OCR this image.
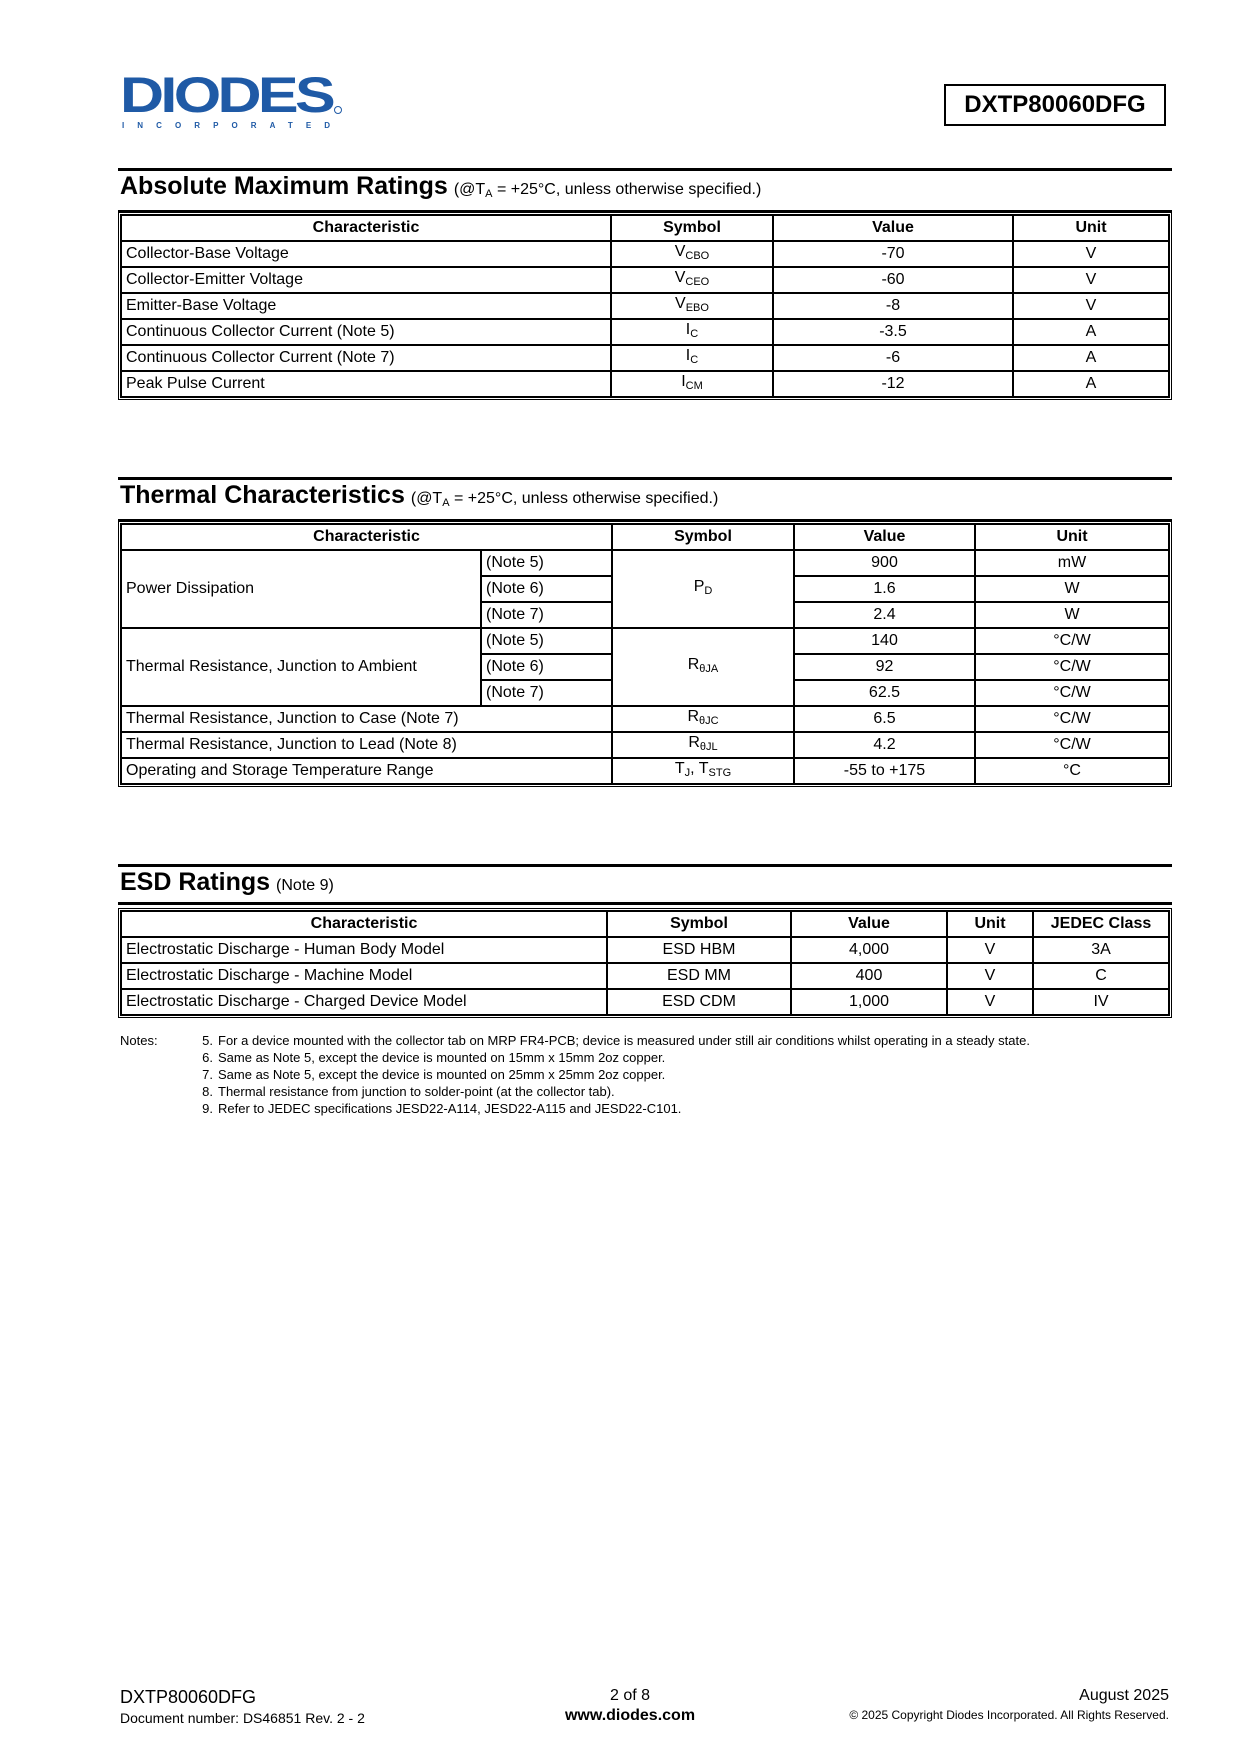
DIODES
INCORPORATED
DXTP80060DFG
Absolute Maximum Ratings ($@T_A = +25^\circ C$, unless otherwise specified.)
Characteristic	Symbol	Value	Unit
Collector-Base Voltage	$V_{CBO}$	-70	V
Collector-Emitter Voltage	$V_{CEO}$	-60	V
Emitter-Base Voltage	$V_{EBO}$	-8	V
Continuous Collector Current (Note 5)	$I_C$	-3.5	A
Continuous Collector Current (Note 7)	$I_C$	-6	A
Peak Pulse Current	$I_{CM}$	-12	A
Thermal Characteristics ($@T_A = +25^\circ C$, unless otherwise specified.)
Characteristic		Symbol	Value	Unit
Power Dissipation	(Note 5)	$P_D$	900	mW
	(Note 6)		1.6	W
	(Note 7)		2.4	W
Thermal Resistance, Junction to Ambient	(Note 5)	$R_{\theta JA}$	140	°C/W
	(Note 6)		92	°C/W
	(Note 7)		62.5	°C/W
Thermal Resistance, Junction to Case (Note 7)		$R_{\theta JC}$	6.5	°C/W
Thermal Resistance, Junction to Lead (Note 8)		$R_{\theta JL}$	4.2	°C/W
Operating and Storage Temperature Range		$T_J$, $T_{STG}$	-55 to +175	°C
ESD Ratings (Note 9)
Characteristic	Symbol	Value	Unit	JEDEC Class
Electrostatic Discharge - Human Body Model	ESD HBM	4,000	V	3A
Electrostatic Discharge - Machine Model	ESD MM	400	V	C
Electrostatic Discharge - Charged Device Model	ESD CDM	1,000	V	IV
Notes:	5. For a device mounted with the collector tab on MRP FR4-PCB; device is measured under still air conditions whilst operating in a steady state.
6. Same as Note 5, except the device is mounted on 15mm x 15mm 2oz copper.
7. Same as Note 5, except the device is mounted on 25mm x 25mm 2oz copper.
8. Thermal resistance from junction to solder-point (at the collector tab).
9. Refer to JEDEC specifications JESD22-A114, JESD22-A115 and JESD22-C101.
DXTP80060DFG
Document number: DS46851 Rev. 2 - 2
2 of 8
www.diodes.com
August 2025
© 2025 Copyright Diodes Incorporated. All Rights Reserved.
